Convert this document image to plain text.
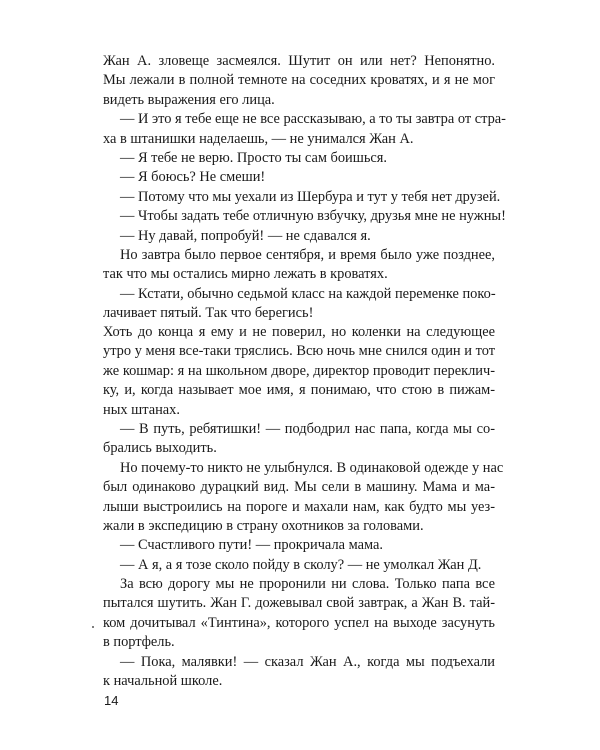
Жан А. зловеще засмеялся. Шутит он или нет? Непонятно.
Мы лежали в полной темноте на соседних кроватях, и я не мог
видеть выражения его лица.
— И это я тебе еще не все рассказываю, а то ты завтра от стра-
ха в штанишки наделаешь, — не унимался Жан А.
— Я тебе не верю. Просто ты сам боишься.
— Я боюсь? Не смеши!
— Потому что мы уехали из Шербура и тут у тебя нет друзей.
— Чтобы задать тебе отличную взбучку, друзья мне не нужны!
— Ну давай, попробуй! — не сдавался я.
Но завтра было первое сентября, и время было уже позднее,
так что мы остались мирно лежать в кроватях.
— Кстати, обычно седьмой класс на каждой переменке поко-
лачивает пятый. Так что берегись!
Хоть до конца я ему и не поверил, но коленки на следующее
утро у меня все-таки тряслись. Всю ночь мне снился один и тот
же кошмар: я на школьном дворе, директор проводит переклич-
ку, и, когда называет мое имя, я понимаю, что стою в пижам-
ных штанах.
— В путь, ребятишки! — подбодрил нас папа, когда мы со-
брались выходить.
Но почему-то никто не улыбнулся. В одинаковой одежде у нас
был одинаково дурацкий вид. Мы сели в машину. Мама и ма-
лыши выстроились на пороге и махали нам, как будто мы уез-
жали в экспедицию в страну охотников за головами.
— Счастливого пути! — прокричала мама.
— А я, а я тозе сколо пойду в сколу? — не умолкал Жан Д.
За всю дорогу мы не проронили ни слова. Только папа все
пытался шутить. Жан Г. дожевывал свой завтрак, а Жан В. тай-
ком дочитывал «Тинтина», которого успел на выходе засунуть
в портфель.
— Пока, малявки! — сказал Жан А., когда мы подъехали
к начальной школе.
14
